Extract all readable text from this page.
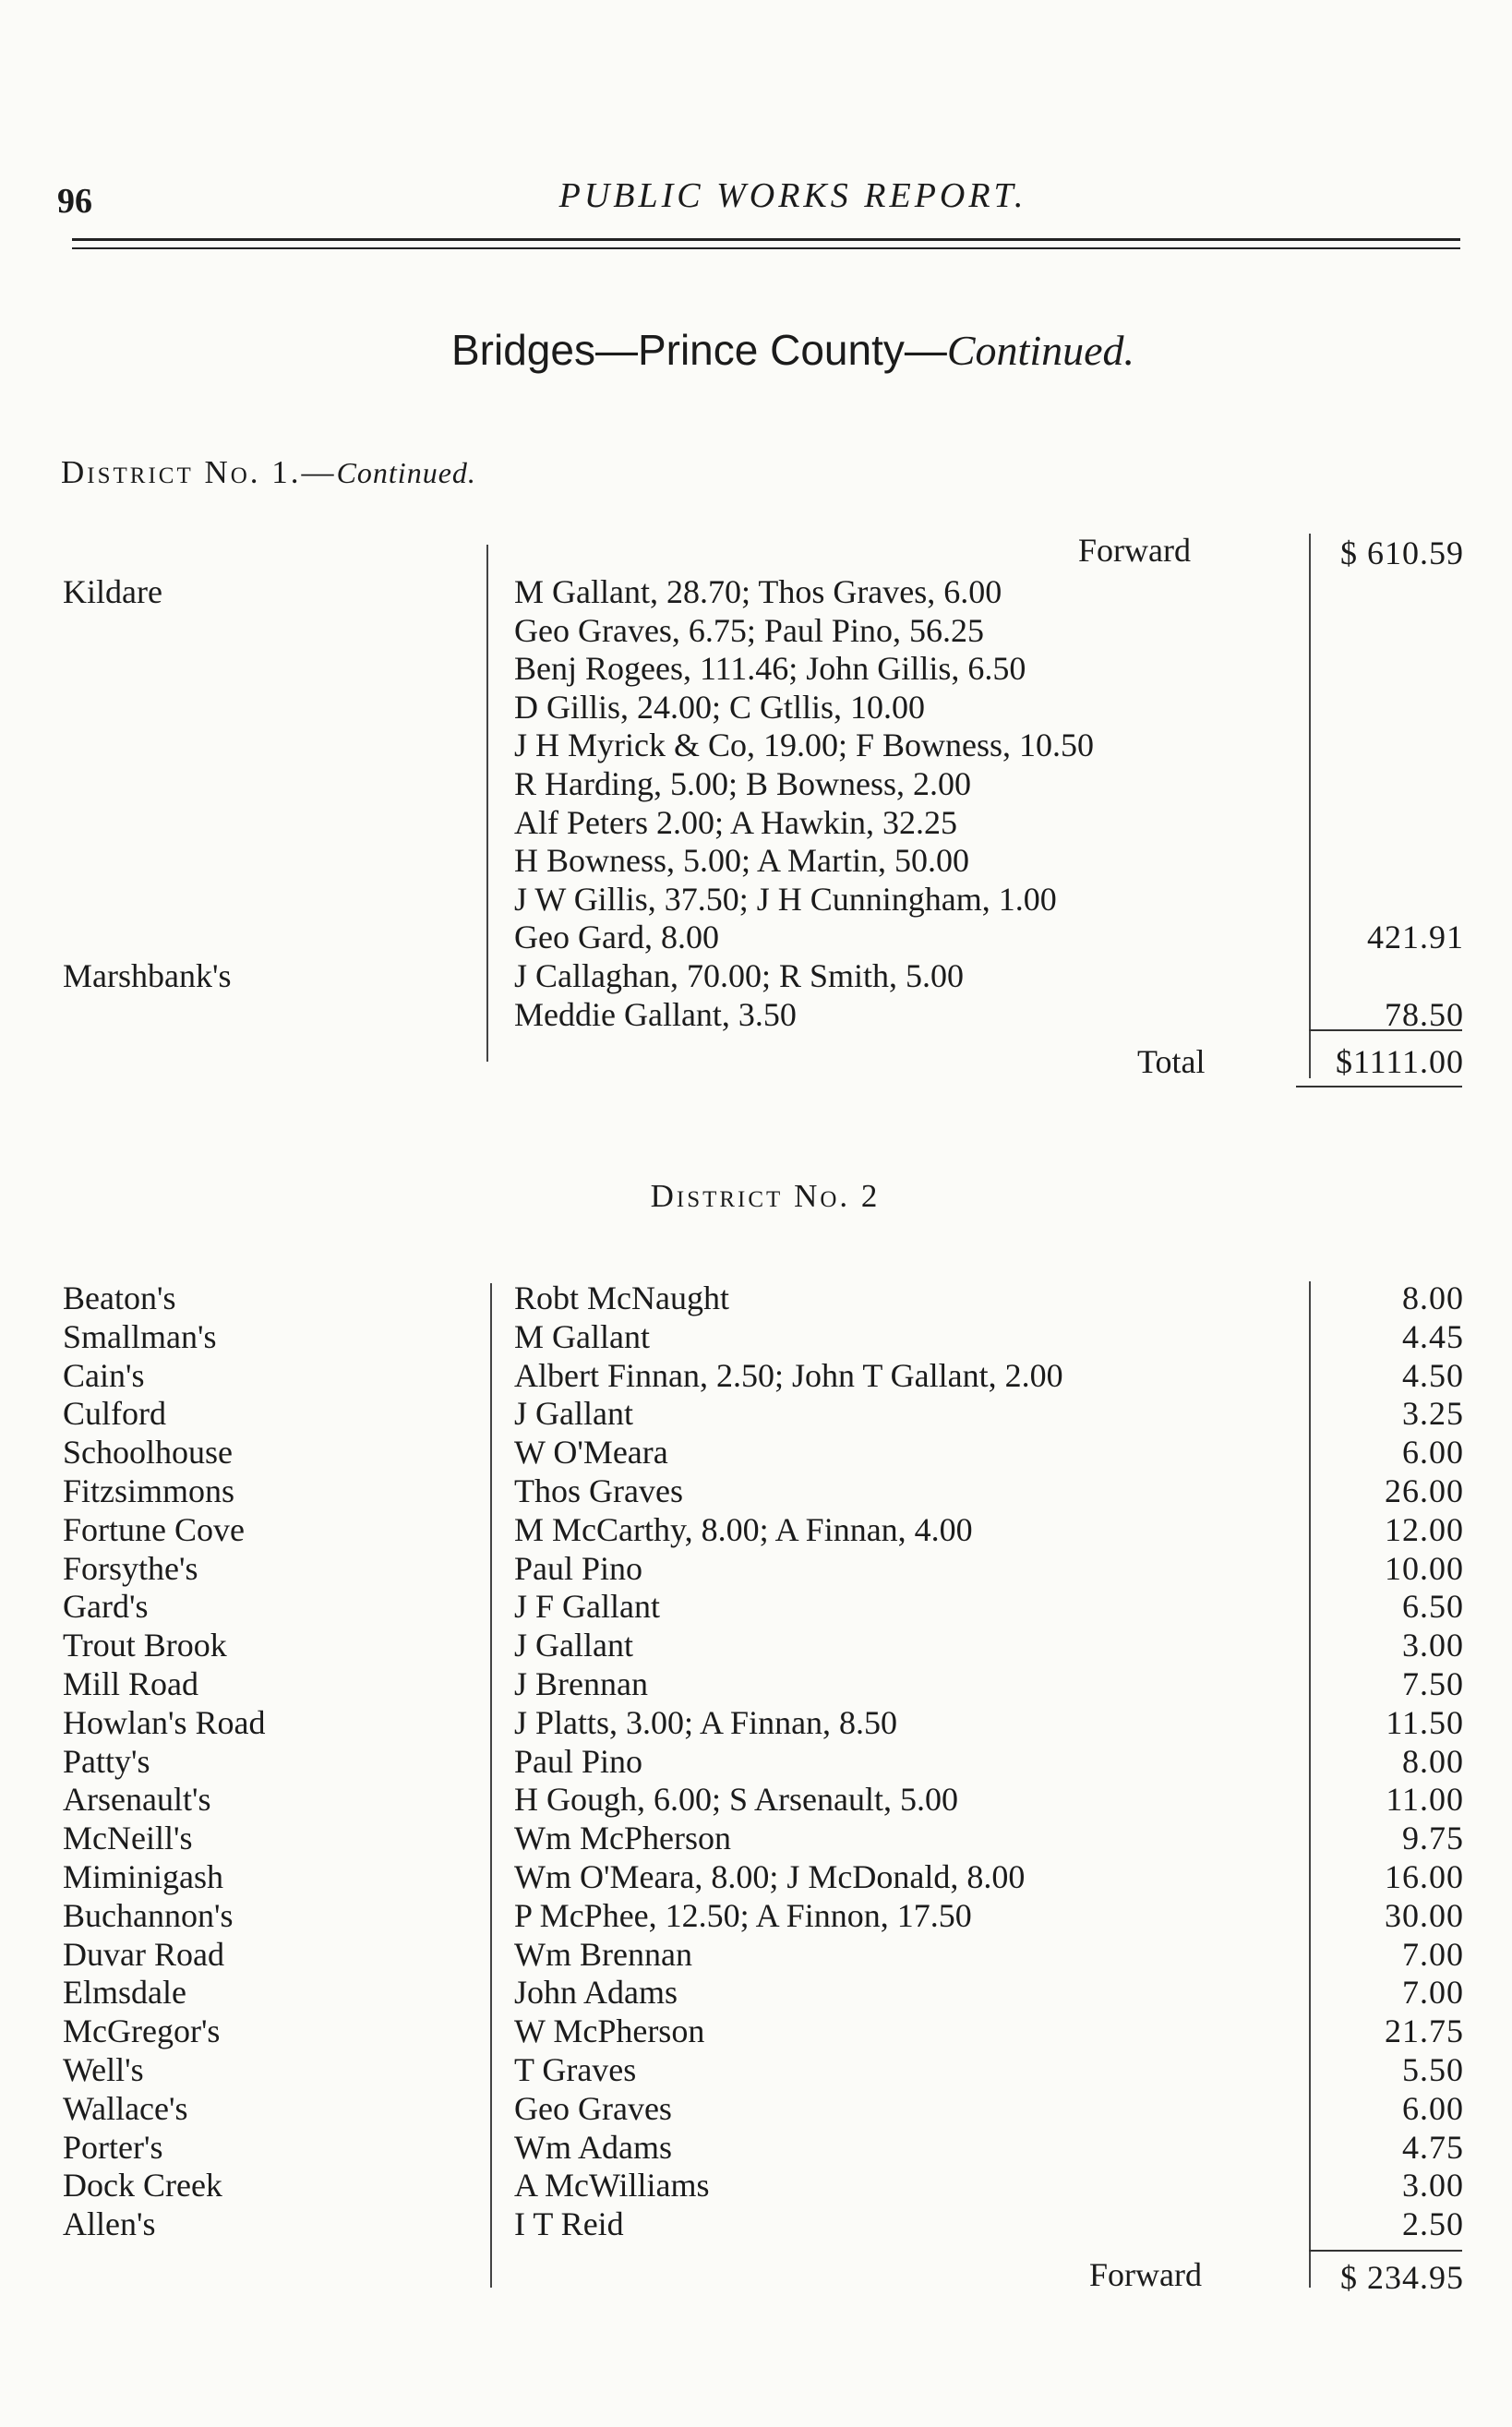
96	PUBLIC WORKS REPORT.
Bridges—Prince County—Continued.
District No. 1.—Continued.
Forward	$ 610.59
Kildare	M Gallant, 28.70; Thos Graves, 6.00
Geo Graves, 6.75; Paul Pino, 56.25
Benj Rogees, 111.46; John Gillis, 6.50
D Gillis, 24.00; C Gtllis, 10.00
J H Myrick & Co, 19.00; F Bowness, 10.50
R Harding, 5.00; B Bowness, 2.00
Alf Peters 2.00; A Hawkin, 32.25
H Bowness, 5.00; A Martin, 50.00
J W Gillis, 37.50; J H Cunningham, 1.00
Geo Gard, 8.00	421.91
Marshbank's	J Callaghan, 70.00; R Smith, 5.00
Meddie Gallant, 3.50	78.50
Total	$1111.00
District No. 2
Beaton's	Robt McNaught	8.00
Smallman's	M Gallant	4.45
Cain's	Albert Finnan, 2.50; John T Gallant, 2.00	4.50
Culford	J Gallant	3.25
Schoolhouse	W O'Meara	6.00
Fitzsimmons	Thos Graves	26.00
Fortune Cove	M McCarthy, 8.00; A Finnan, 4.00	12.00
Forsythe's	Paul Pino	10.00
Gard's	J F Gallant	6.50
Trout Brook	J Gallant	3.00
Mill Road	J Brennan	7.50
Howlan's Road	J Platts, 3.00; A Finnan, 8.50	11.50
Patty's	Paul Pino	8.00
Arsenault's	H Gough, 6.00; S Arsenault, 5.00	11.00
McNeill's	Wm McPherson	9.75
Miminigash	Wm O'Meara, 8.00; J McDonald, 8.00	16.00
Buchannon's	P McPhee, 12.50; A Finnon, 17.50	30.00
Duvar Road	Wm Brennan	7.00
Elmsdale	John Adams	7.00
McGregor's	W McPherson	21.75
Well's	T Graves	5.50
Wallace's	Geo Graves	6.00
Porter's	Wm Adams	4.75
Dock Creek	A McWilliams	3.00
Allen's	I T Reid	2.50
Forward	$ 234.95
